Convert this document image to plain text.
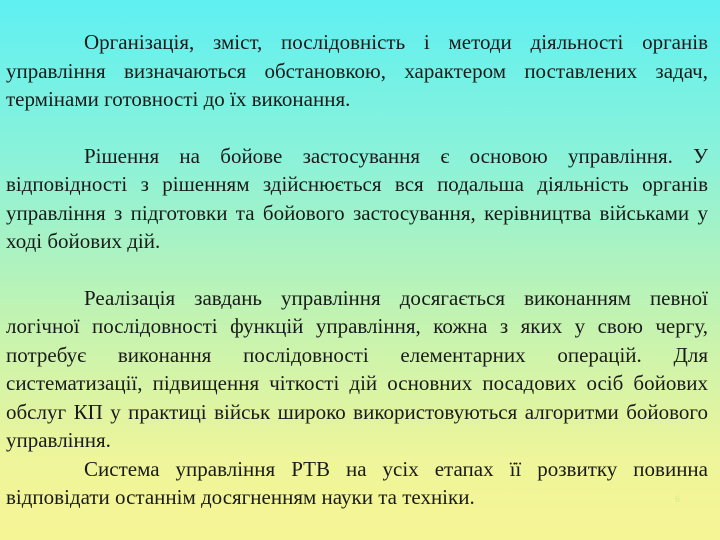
Організація, зміст, послідовність і методи діяльності органів управління визначаються обстановкою, характером поставлених задач, термінами готовності до їх виконання.

Рішення на бойове застосування є основою управління. У відповідності з рішенням здійснюється вся подальша діяльність органів управління з підготовки та бойового застосування, керівництва військами у ході бойових дій.

Реалізація завдань управління досягається виконанням певної логічної послідовності функцій управління, кожна з яких у свою чергу, потребує виконання послідовності елементарних операцій. Для систематизації, підвищення чіткості дій основних посадових осіб бойових обслуг КП у практиці військ широко використовуються алгоритми бойового управління.

Система управління РТВ на усіх етапах її розвитку повинна відповідати останнім досягненням науки та техніки.	6
